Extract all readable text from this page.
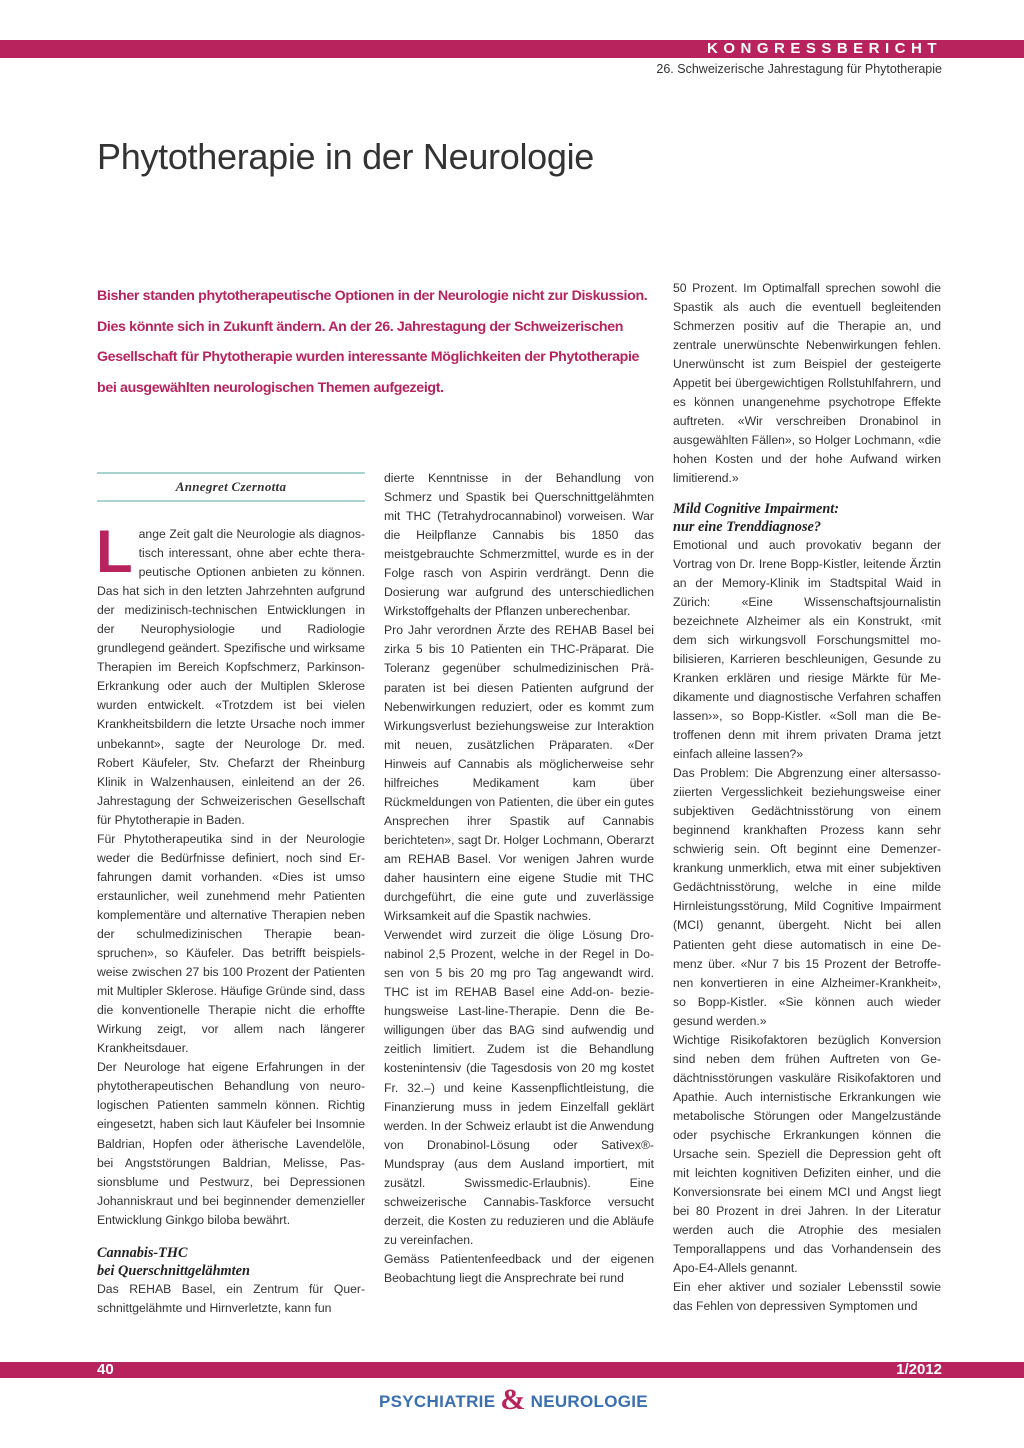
KONGRESSBERICHT
26. Schweizerische Jahrestagung für Phytotherapie
Phytotherapie in der Neurologie
Bisher standen phytotherapeutische Optionen in der Neurologie nicht zur Diskussion. Dies könnte sich in Zukunft ändern. An der 26. Jahrestagung der Schweizerischen Gesellschaft für Phytotherapie wurden interessante Möglichkeiten der Phytotherapie bei ausgewählten neurologischen Themen aufgezeigt.
Annegret Czernotta

Lange Zeit galt die Neurologie als diagnostisch interessant, ohne aber echte therapeutische Optionen anbieten zu können. Das hat sich in den letzten Jahrzehnten aufgrund der medizinisch-technischen Entwicklungen in der Neurophysiologie und Radiologie grundlegend geändert. Spezifische und wirksame Therapien im Bereich Kopfschmerz, Parkinson-Erkrankung oder auch der Multiplen Sklerose wurden entwickelt. «Trotzdem ist bei vielen Krankheitsbildern die letzte Ursache noch immer unbekannt», sagte der Neurologe Dr. med. Robert Käufeler, Stv. Chefarzt der Rheinburg Klinik in Walzenhausen, einleitend an der 26. Jahrestagung der Schweizerischen Gesellschaft für Phytotherapie in Baden.

Für Phytotherapeutika sind in der Neurologie weder die Bedürfnisse definiert, noch sind Erfahrungen damit vorhanden. «Dies ist umso erstaunlicher, weil zunehmend mehr Patienten komplementäre und alternative Therapien neben der schulmedizinischen Therapie beanspruchen», so Käufeler. Das betrifft beispielsweise zwischen 27 bis 100 Prozent der Patienten mit Multipler Sklerose. Häufige Gründe sind, dass die konventionelle Therapie nicht die erhoffte Wirkung zeigt, vor allem nach längerer Krankheitsdauer.

Der Neurologe hat eigene Erfahrungen in der phytotherapeutischen Behandlung von neurologischen Patienten sammeln können. Richtig eingesetzt, haben sich laut Käufeler bei Insomnie Baldrian, Hopfen oder ätherische Lavendelöle, bei Angststörungen Baldrian, Melisse, Passionsblume und Pestwurz, bei Depressionen Johanniskraut und bei beginnender demenzieller Entwicklung Ginkgo biloba bewährt.

Cannabis-THC
bei Querschnittgelähmten

Das REHAB Basel, ein Zentrum für Querschnittgelähmte und Hirnverletzte, kann fun

dierte Kenntnisse in der Behandlung von Schmerz und Spastik bei Querschnittgelähmten mit THC (Tetrahydrocannabinol) vorweisen. War die Heilpflanze Cannabis bis 1850 das meistgebrauchte Schmerzmittel, wurde es in der Folge rasch von Aspirin verdrängt. Denn die Dosierung war aufgrund des unterschiedlichen Wirkstoffgehalts der Pflanzen unberechenbar.

Pro Jahr verordnen Ärzte des REHAB Basel bei zirka 5 bis 10 Patienten ein THC-Präparat. Die Toleranz gegenüber schulmedizinischen Präparaten ist bei diesen Patienten aufgrund der Nebenwirkungen reduziert, oder es kommt zum Wirkungsverlust beziehungsweise zur Interaktion mit neuen, zusätzlichen Präparaten. «Der Hinweis auf Cannabis als möglicherweise sehr hilfreiches Medikament kam über Rückmeldungen von Patienten, die über ein gutes Ansprechen ihrer Spastik auf Cannabis berichteten», sagt Dr. Holger Lochmann, Oberarzt am REHAB Basel. Vor wenigen Jahren wurde daher hausintern eine eigene Studie mit THC durchgeführt, die eine gute und zuverlässige Wirksamkeit auf die Spastik nachwies.

Verwendet wird zurzeit die ölige Lösung Dronabinol 2,5 Prozent, welche in der Regel in Dosen von 5 bis 20 mg pro Tag angewandt wird. THC ist im REHAB Basel eine Add-on- beziehungsweise Last-line-Therapie. Denn die Bewilligungen über das BAG sind aufwendig und zeitlich limitiert. Zudem ist die Behandlung kostenintensiv (die Tagesdosis von 20 mg kostet Fr. 32.–) und keine Kassenpflichtleistung, die Finanzierung muss in jedem Einzelfall geklärt werden. In der Schweiz erlaubt ist die Anwendung von Dronabinol-Lösung oder Sativex®-Mundspray (aus dem Ausland importiert, mit zusätzl. Swissmedic-Erlaubnis). Eine schweizerische Cannabis-Taskforce versucht derzeit, die Kosten zu reduzieren und die Abläufe zu vereinfachen.

Gemäss Patientenfeedback und der eigenen Beobachtung liegt die Ansprechrate bei rund

50 Prozent. Im Optimalfall sprechen sowohl die Spastik als auch die eventuell begleitenden Schmerzen positiv auf die Therapie an, und zentrale unerwünschte Nebenwirkungen fehlen. Unerwünscht ist zum Beispiel der gesteigerte Appetit bei übergewichtigen Rollstuhlfahrern, und es können unangenehme psychotrope Effekte auftreten. «Wir verschreiben Dronabinol in ausgewählten Fällen», so Holger Lochmann, «die hohen Kosten und der hohe Aufwand wirken limitierend.»

Mild Cognitive Impairment:
nur eine Trenddiagnose?

Emotional und auch provokativ begann der Vortrag von Dr. Irene Bopp-Kistler, leitende Ärztin an der Memory-Klinik im Stadtspital Waid in Zürich: «Eine Wissenschaftsjournalistin bezeichnete Alzheimer als ein Konstrukt, ‹mit dem sich wirkungsvoll Forschungsmittel mobilisieren, Karrieren beschleunigen, Gesunde zu Kranken erklären und riesige Märkte für Medikamente und diagnostische Verfahren schaffen lassen›», so Bopp-Kistler. «Soll man die Betroffenen denn mit ihrem privaten Drama jetzt einfach alleine lassen?»

Das Problem: Die Abgrenzung einer altersassoziierten Vergesslichkeit beziehungsweise einer subjektiven Gedächtnisstörung von einem beginnend krankhaften Prozess kann sehr schwierig sein. Oft beginnt eine Demenzerkrankung unmerklich, etwa mit einer subjektiven Gedächtnisstörung, welche in eine milde Hirnleistungsstörung, Mild Cognitive Impairment (MCI) genannt, übergeht. Nicht bei allen Patienten geht diese automatisch in eine Demenz über. «Nur 7 bis 15 Prozent der Betroffenen konvertieren in eine Alzheimer-Krankheit», so Bopp-Kistler. «Sie können auch wieder gesund werden.»

Wichtige Risikofaktoren bezüglich Konversion sind neben dem frühen Auftreten von Gedächtnisstörungen vaskuläre Risikofaktoren und Apathie. Auch internistische Erkrankungen wie metabolische Störungen oder Mangelzustände oder psychische Erkrankungen können die Ursache sein. Speziell die Depression geht oft mit leichten kognitiven Defiziten einher, und die Konversionsrate bei einem MCI und Angst liegt bei 80 Prozent in drei Jahren. In der Literatur werden auch die Atrophie des mesialen Temporallappens und das Vorhandensein des Apo-E4-Allels genannt.

Ein eher aktiver und sozialer Lebensstil sowie das Fehlen von depressiven Symptomen und

40	1/2012
PSYCHIATRIE & NEUROLOGIE
